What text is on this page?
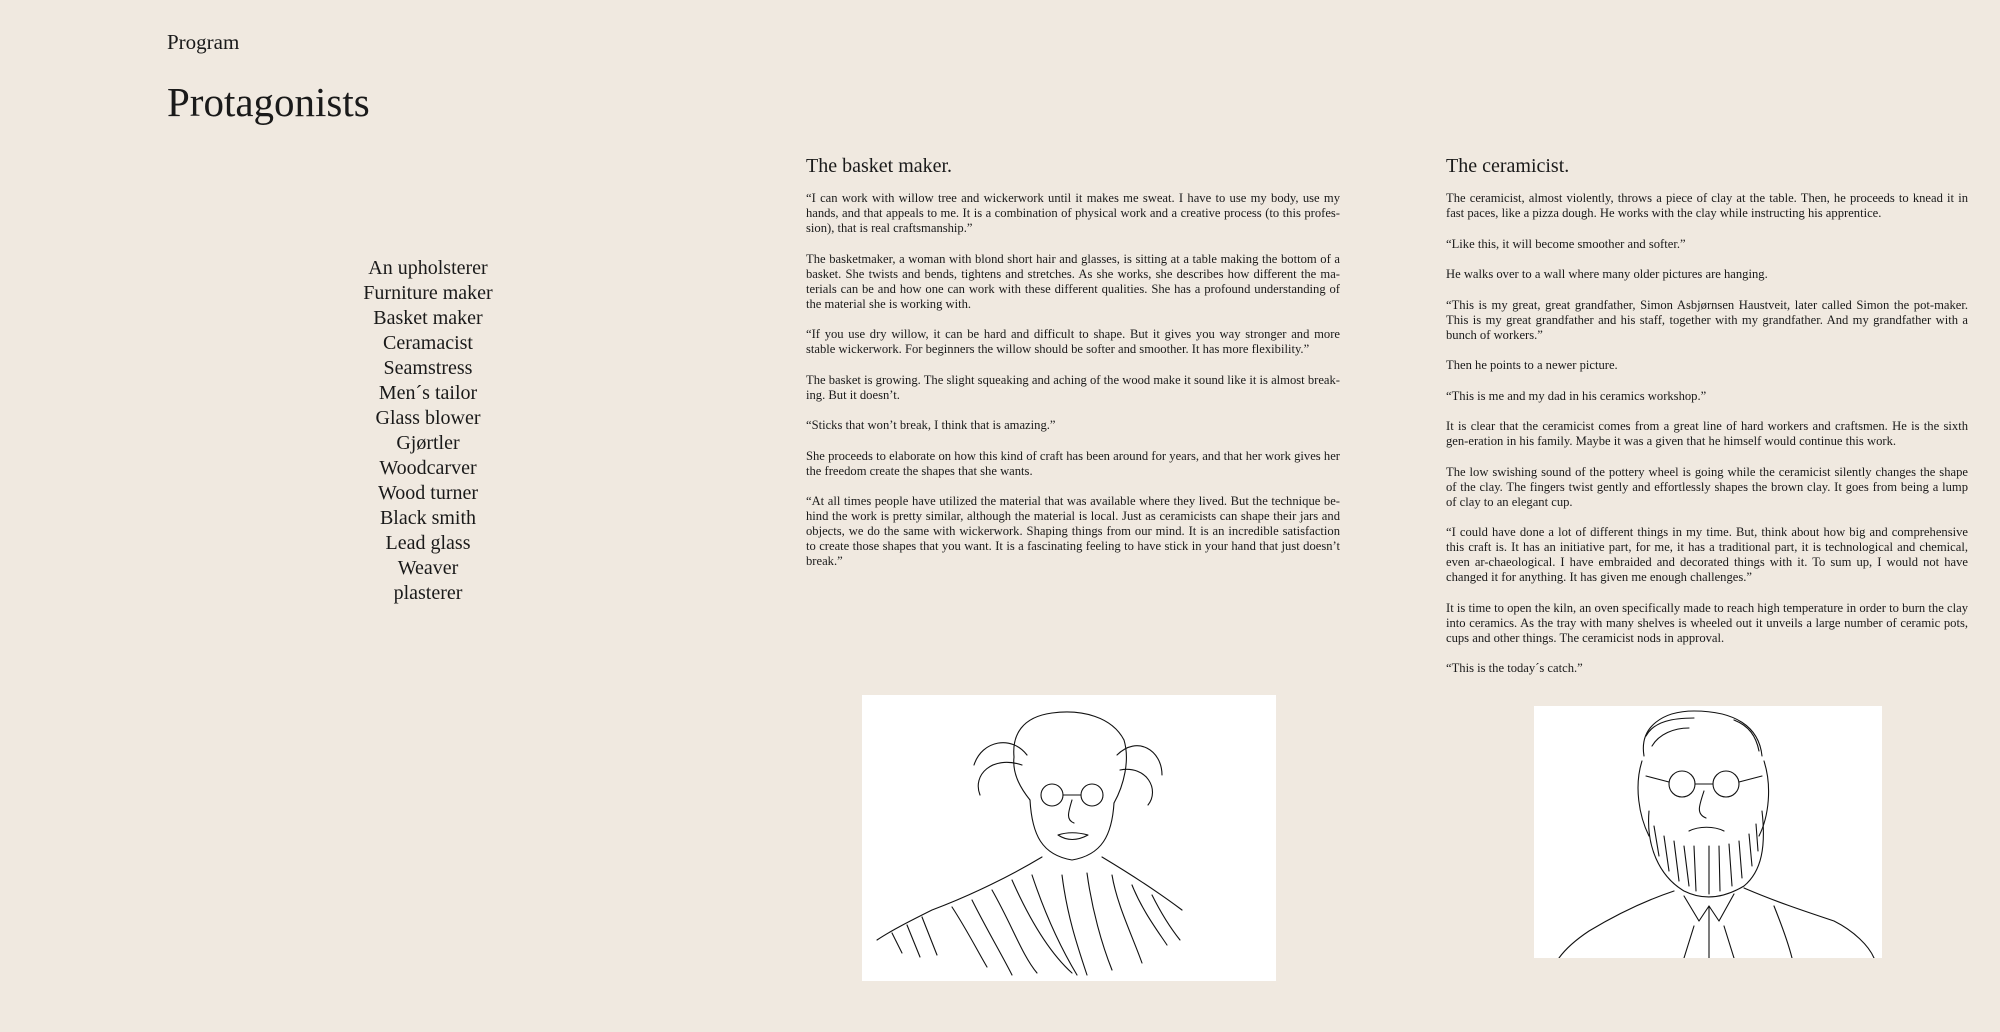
Program
Protagonists
An upholsterer
Furniture maker
Basket maker
Ceramacist
Seamstress
Men´s tailor
Glass blower
Gjørtler
Woodcarver
Wood turner
Black smith
Lead glass
Weaver
plasterer
The basket maker.

“I can work with willow tree and wickerwork until it makes me sweat. I have to use my body, use my hands, and that appeals to me. It is a combination of physical work and a creative process (to this profes-sion), that is real craftsmanship.”

The basketmaker, a woman with blond short hair and glasses, is sitting at a table making the bottom of a basket. She twists and bends, tightens and stretches. As she works, she describes how different the ma-terials can be and how one can work with these different qualities. She has a profound understanding of the material she is working with.

“If you use dry willow, it can be hard and difficult to shape. But it gives you way stronger and more stable wickerwork. For beginners the willow should be softer and smoother. It has more flexibility.”

The basket is growing. The slight squeaking and aching of the wood make it sound like it is almost break-ing. But it doesn’t.

“Sticks that won’t break, I think that is amazing.”

She proceeds to elaborate on how this kind of craft has been around for years, and that her work gives her the freedom create the shapes that she wants.

“At all times people have utilized the material that was available where they lived. But the technique be-hind the work is pretty similar, although the material is local. Just as ceramicists can shape their jars and objects, we do the same with wickerwork. Shaping things from our mind. It is an incredible satisfaction to create those shapes that you want. It is a fascinating feeling to have stick in your hand that just doesn’t break.”

The ceramicist.

The ceramicist, almost violently, throws a piece of clay at the table. Then, he proceeds to knead it in fast paces, like a pizza dough. He works with the clay while instructing his apprentice.

“Like this, it will become smoother and softer.”

He walks over to a wall where many older pictures are hanging.

“This is my great, great grandfather, Simon Asbjørnsen Haustveit, later called Simon the pot-maker. This is my great grandfather and his staff, together with my grandfather. And my grandfather with a bunch of workers.”

Then he points to a newer picture.

“This is me and my dad in his ceramics workshop.”

It is clear that the ceramicist comes from a great line of hard workers and craftsmen. He is the sixth gen-eration in his family. Maybe it was a given that he himself would continue this work.

The low swishing sound of the pottery wheel is going while the ceramicist silently changes the shape of the clay. The fingers twist gently and effortlessly shapes the brown clay. It goes from being a lump of clay to an elegant cup.

“I could have done a lot of different things in my time. But, think about how big and comprehensive this craft is. It has an initiative part, for me, it has a traditional part, it is technological and chemical, even ar-chaeological. I have embraided and decorated things with it. To sum up, I would not have changed it for anything. It has given me enough challenges.”

It is time to open the kiln, an oven specifically made to reach high temperature in order to burn the clay into ceramics. As the tray with many shelves is wheeled out it unveils a large number of ceramic pots, cups and other things. The ceramicist nods in approval.

“This is the today´s catch.”
